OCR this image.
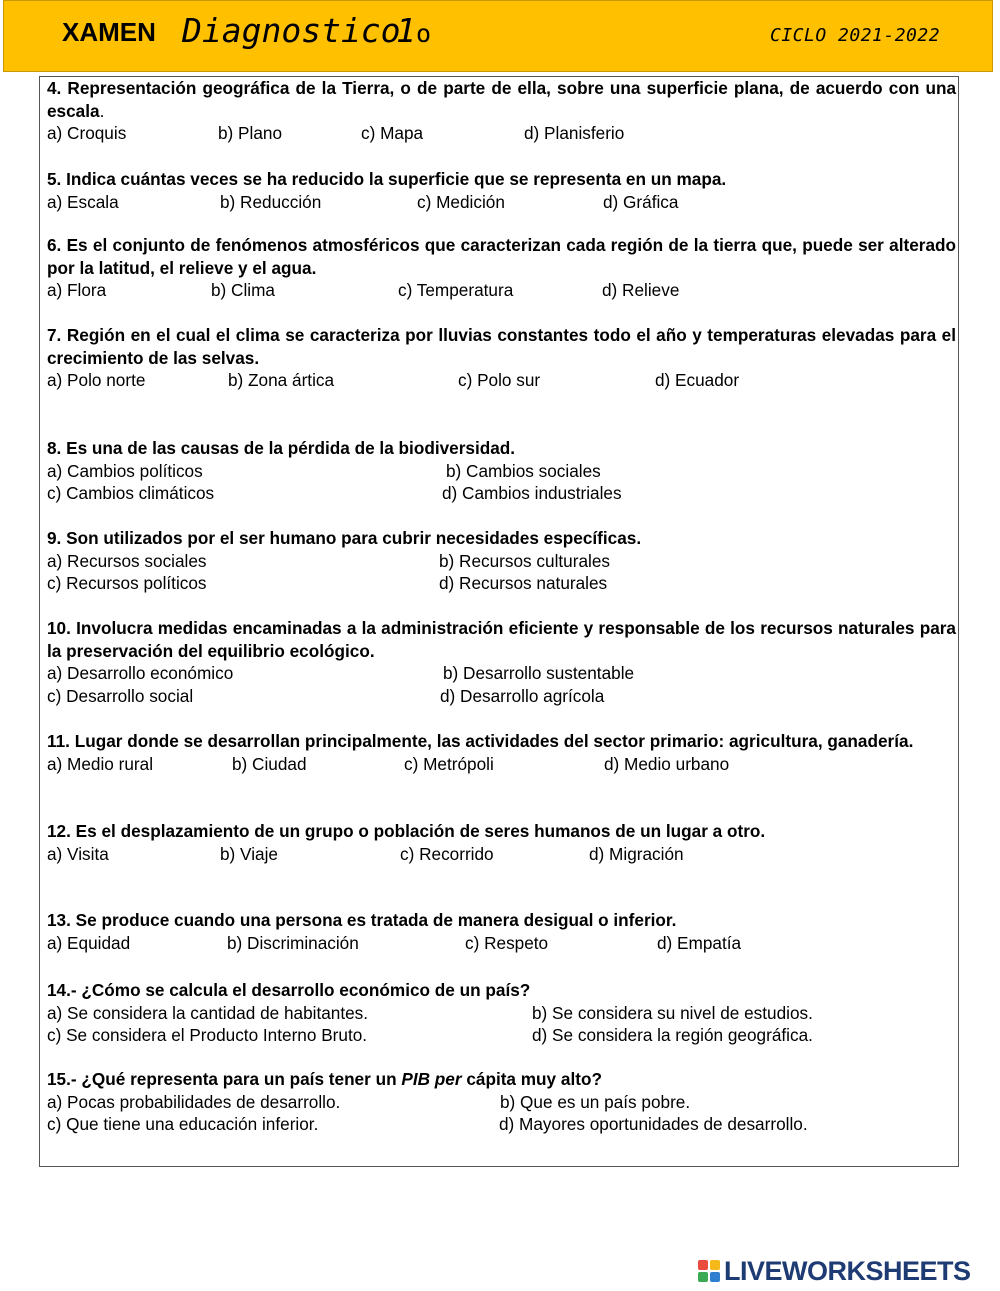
XAMEN Diagnostico
1 o	CICLO 2021-2022
4. Representación geográfica de la Tierra, o de parte de ella, sobre una superficie plana, de acuerdo con una escala.
a) Croquis	b) Plano	c) Mapa	d) Planisferio
5. Indica cuántas veces se ha reducido la superficie que se representa en un mapa.
a) Escala	b) Reducción	c) Medición	d) Gráfica
6. Es el conjunto de fenómenos atmosféricos que caracterizan cada región de la tierra que, puede ser alterado por la latitud, el relieve y el agua.
a) Flora	b) Clima	c) Temperatura	d) Relieve
7. Región en el cual el clima se caracteriza por lluvias constantes todo el año y temperaturas elevadas para el crecimiento de las selvas.
a) Polo norte	b) Zona ártica	c) Polo sur	d) Ecuador
8. Es una de las causas de la pérdida de la biodiversidad.
a) Cambios políticos	b) Cambios sociales
c) Cambios climáticos	d) Cambios industriales
9. Son utilizados por el ser humano para cubrir necesidades específicas.
a) Recursos sociales	b) Recursos culturales
c) Recursos políticos	d) Recursos naturales
10. Involucra medidas encaminadas a la administración eficiente y responsable de los recursos naturales para la preservación del equilibrio ecológico.
a) Desarrollo económico	b) Desarrollo sustentable
c) Desarrollo social	d) Desarrollo agrícola
11. Lugar donde se desarrollan principalmente, las actividades del sector primario: agricultura, ganadería.
a) Medio rural	b) Ciudad	c) Metrópoli	d) Medio urbano
12. Es el desplazamiento de un grupo o población de seres humanos de un lugar a otro.
a) Visita	b) Viaje	c) Recorrido	d) Migración
13. Se produce cuando una persona es tratada de manera desigual o inferior.
a) Equidad	b) Discriminación	c) Respeto	d) Empatía
14.- ¿Cómo se calcula el desarrollo económico de un país?
a) Se considera la cantidad de habitantes.	b) Se considera su nivel de estudios.
c) Se considera el Producto Interno Bruto.	d) Se considera la región geográfica.
15.- ¿Qué representa para un país tener un PIB per cápita muy alto?
a) Pocas probabilidades de desarrollo.	b) Que es un país pobre.
c) Que tiene una educación inferior.	d) Mayores oportunidades de desarrollo.
LIVEWORKSHEETS
